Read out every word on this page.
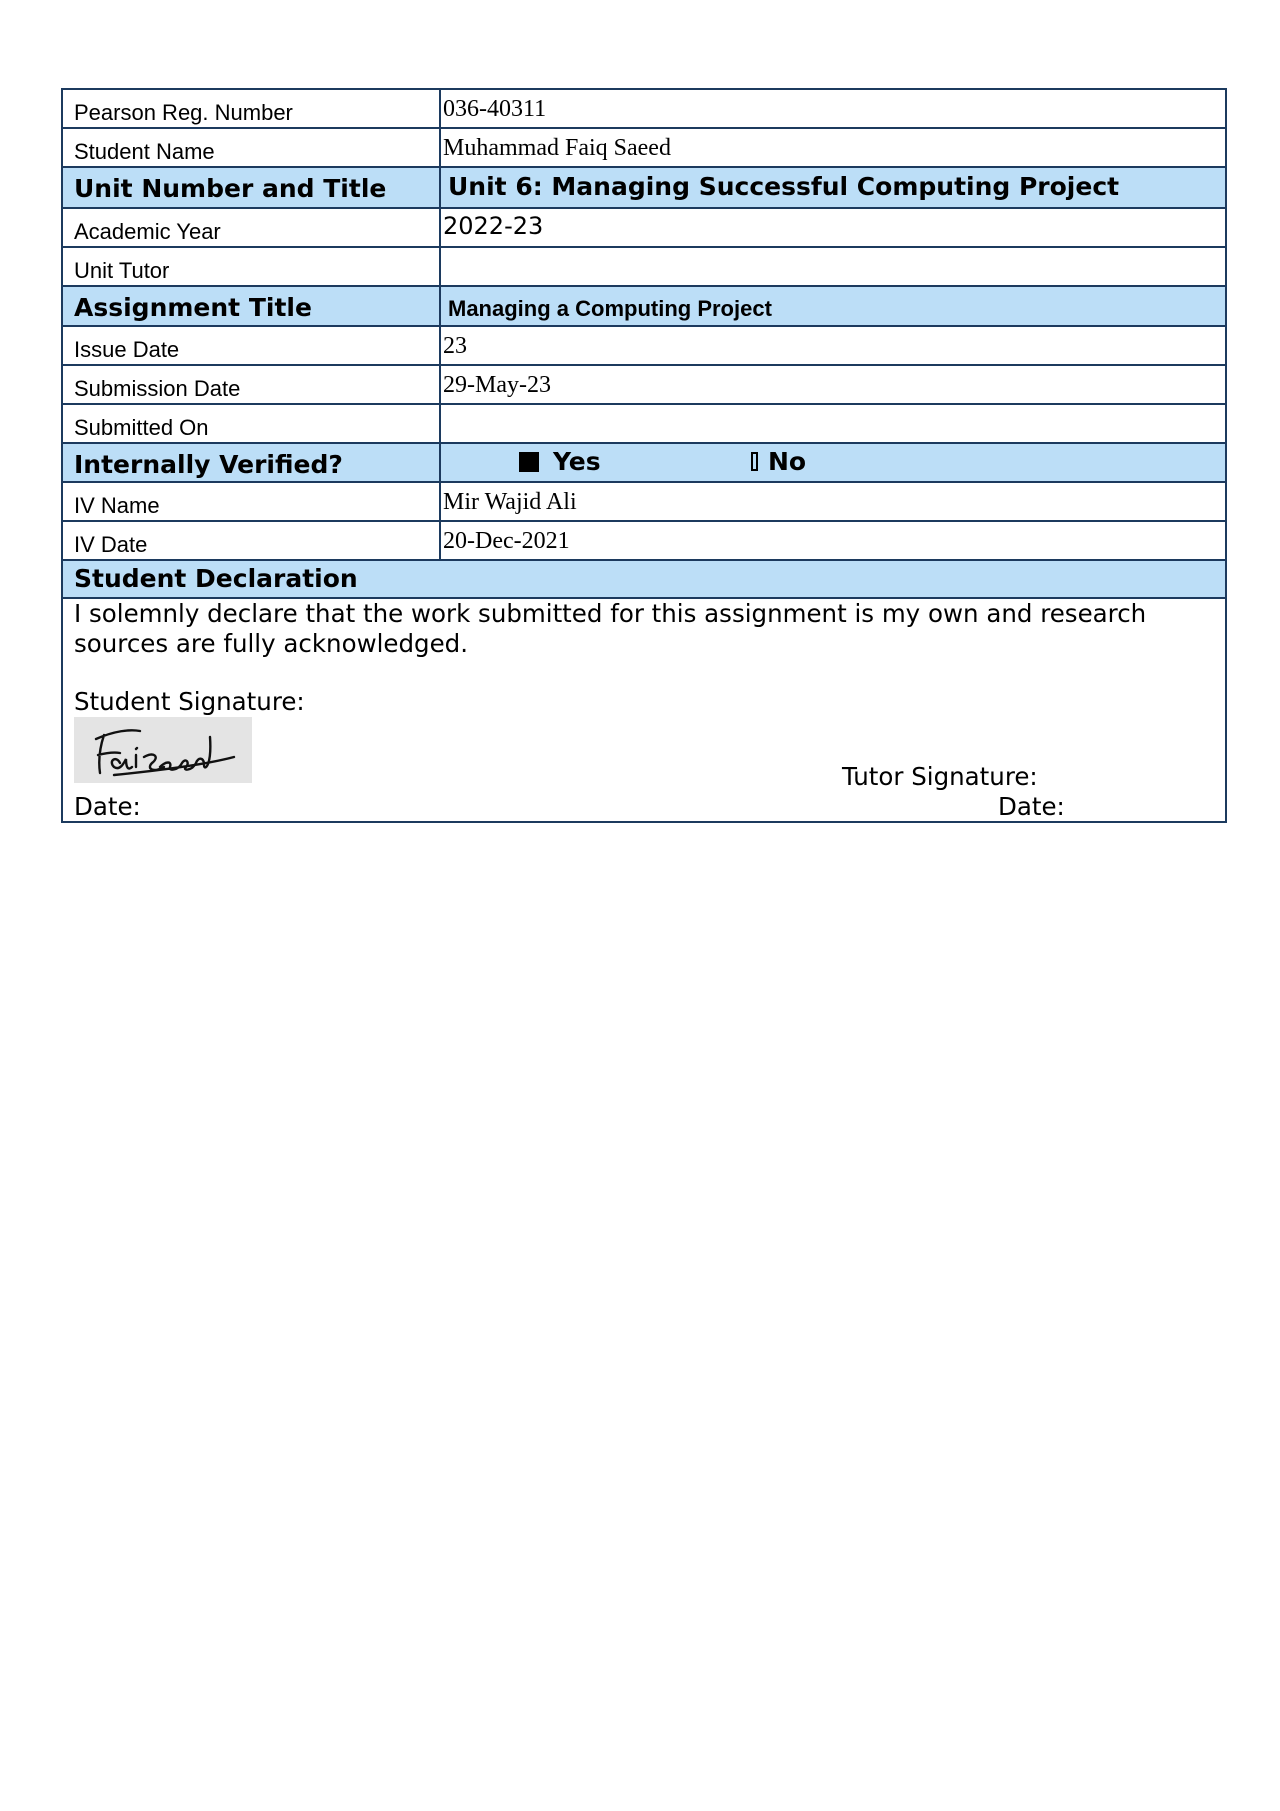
Pearson Reg. Number	036-40311
Student Name	Muhammad Faiq Saeed
Unit Number and Title	Unit 6: Managing Successful Computing Project
Academic Year	2022-23
Unit Tutor
Assignment Title	Managing a Computing Project
Issue Date	23
Submission Date	29-May-23
Submitted On
Internally Verified?	Yes	No
IV Name	Mir Wajid Ali
IV Date	20-Dec-2021
Student Declaration
I solemnly declare that the work submitted for this assignment is my own and research sources are fully acknowledged.
Student Signature:
Tutor Signature:
Date:	Date:
